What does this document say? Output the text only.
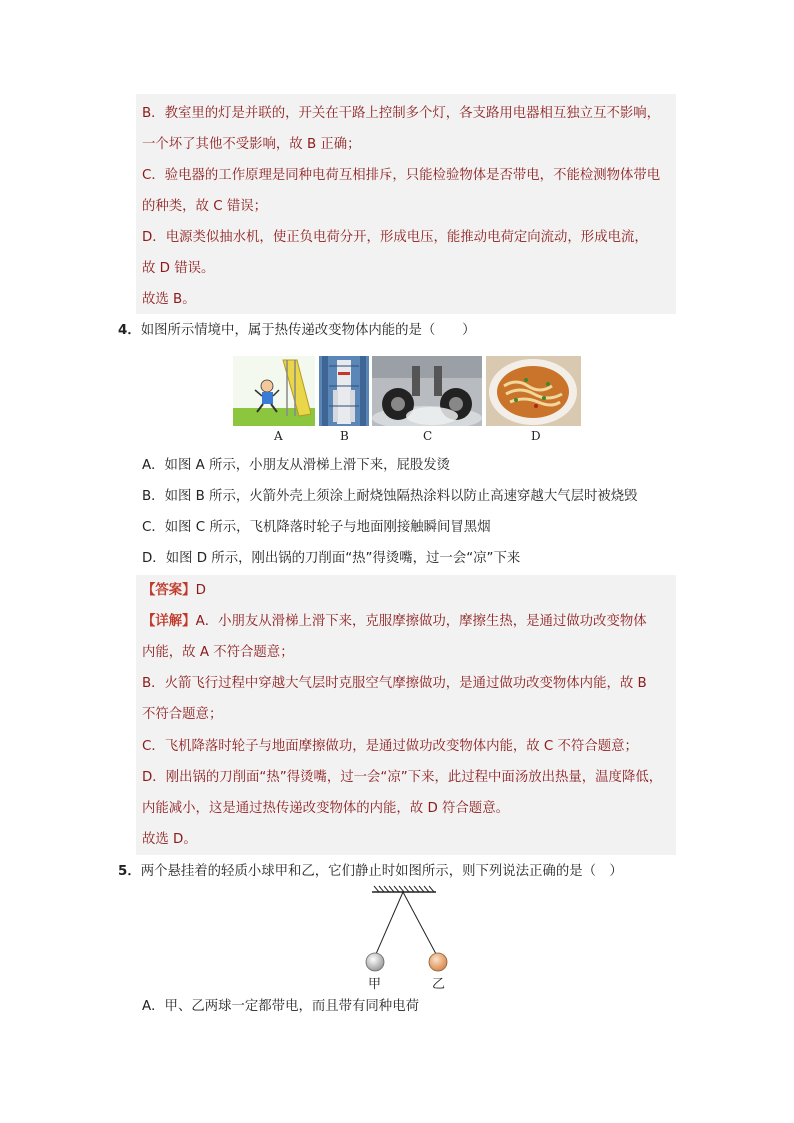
B．教室里的灯是并联的，开关在干路上控制多个灯，各支路用电器相互独立互不影响，
一个坏了其他不受影响，故 B 正确；
C．验电器的工作原理是同种电荷互相排斥，只能检验物体是否带电，不能检测物体带电
的种类，故 C 错误；
D．电源类似抽水机，使正负电荷分开，形成电压，能推动电荷定向流动，形成电流，
故 D 错误。
故选 B。
4．如图所示情境中，属于热传递改变物体内能的是（　　）
A	B	C	D
A．如图 A 所示，小朋友从滑梯上滑下来，屁股发烫
B．如图 B 所示，火箭外壳上须涂上耐烧蚀隔热涂料以防止高速穿越大气层时被烧毁
C．如图 C 所示，飞机降落时轮子与地面刚接触瞬间冒黑烟
D．如图 D 所示，刚出锅的刀削面“热”得烫嘴，过一会“凉”下来
【答案】D
【详解】A．小朋友从滑梯上滑下来，克服摩擦做功，摩擦生热，是通过做功改变物体
内能，故 A 不符合题意；
B．火箭飞行过程中穿越大气层时克服空气摩擦做功，是通过做功改变物体内能，故 B
不符合题意；
C．飞机降落时轮子与地面摩擦做功，是通过做功改变物体内能，故 C 不符合题意；
D．刚出锅的刀削面“热”得烫嘴，过一会“凉”下来，此过程中面汤放出热量，温度降低，
内能减小，这是通过热传递改变物体的内能，故 D 符合题意。
故选 D。
5．两个悬挂着的轻质小球甲和乙，它们静止时如图所示，则下列说法正确的是（　）
甲	乙
A．甲、乙两球一定都带电，而且带有同种电荷
